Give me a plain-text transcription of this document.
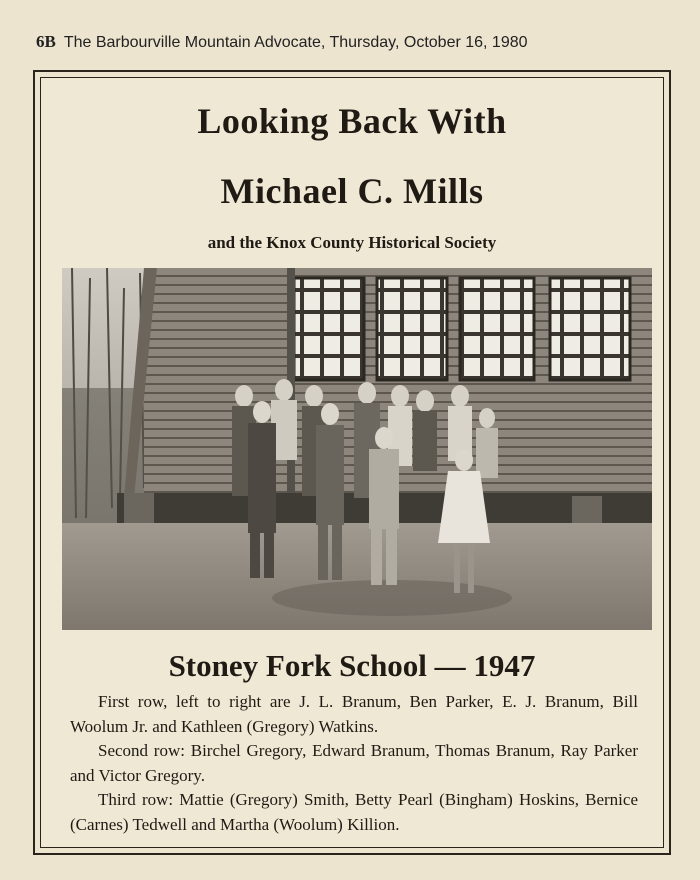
6B The Barbourville Mountain Advocate, Thursday, October 16, 1980
Looking Back With
Michael C. Mills
and the Knox County Historical Society
Stoney Fork School — 1947

First row, left to right are J. L. Branum, Ben Parker, E. J. Branum, Bill Woolum Jr. and Kathleen (Gregory) Watkins.

Second row: Birchel Gregory, Edward Branum, Thomas Branum, Ray Parker and Victor Gregory.

Third row: Mattie (Gregory) Smith, Betty Pearl (Bingham) Hoskins, Bernice (Carnes) Tedwell and Martha (Woolum) Killion.
